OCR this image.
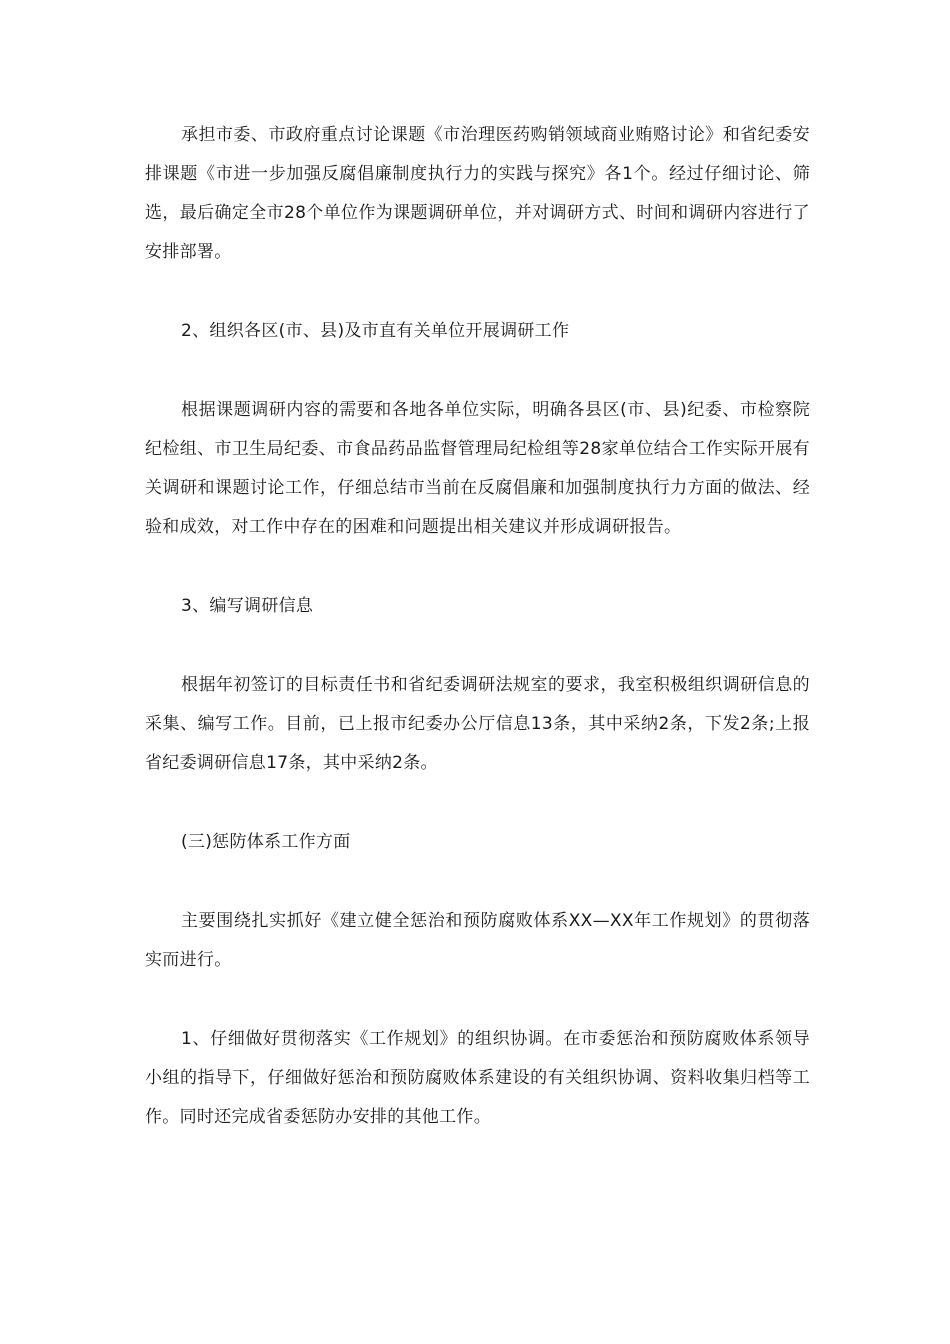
承担市委、市政府重点讨论课题《市治理医药购销领域商业贿赂讨论》和省纪委安排课题《市进一步加强反腐倡廉制度执行力的实践与探究》各1个。经过仔细讨论、筛选，最后确定全市28个单位作为课题调研单位，并对调研方式、时间和调研内容进行了安排部署。

2、组织各区(市、县)及市直有关单位开展调研工作

根据课题调研内容的需要和各地各单位实际，明确各县区(市、县)纪委、市检察院纪检组、市卫生局纪委、市食品药品监督管理局纪检组等28家单位结合工作实际开展有关调研和课题讨论工作，仔细总结市当前在反腐倡廉和加强制度执行力方面的做法、经验和成效，对工作中存在的困难和问题提出相关建议并形成调研报告。

3、编写调研信息

根据年初签订的目标责任书和省纪委调研法规室的要求，我室积极组织调研信息的采集、编写工作。目前，已上报市纪委办公厅信息13条，其中采纳2条，下发2条;上报省纪委调研信息17条，其中采纳2条。

(三)惩防体系工作方面

主要围绕扎实抓好《建立健全惩治和预防腐败体系XX—XX年工作规划》的贯彻落实而进行。

1、仔细做好贯彻落实《工作规划》的组织协调。在市委惩治和预防腐败体系领导小组的指导下，仔细做好惩治和预防腐败体系建设的有关组织协调、资料收集归档等工作。同时还完成省委惩防办安排的其他工作。
